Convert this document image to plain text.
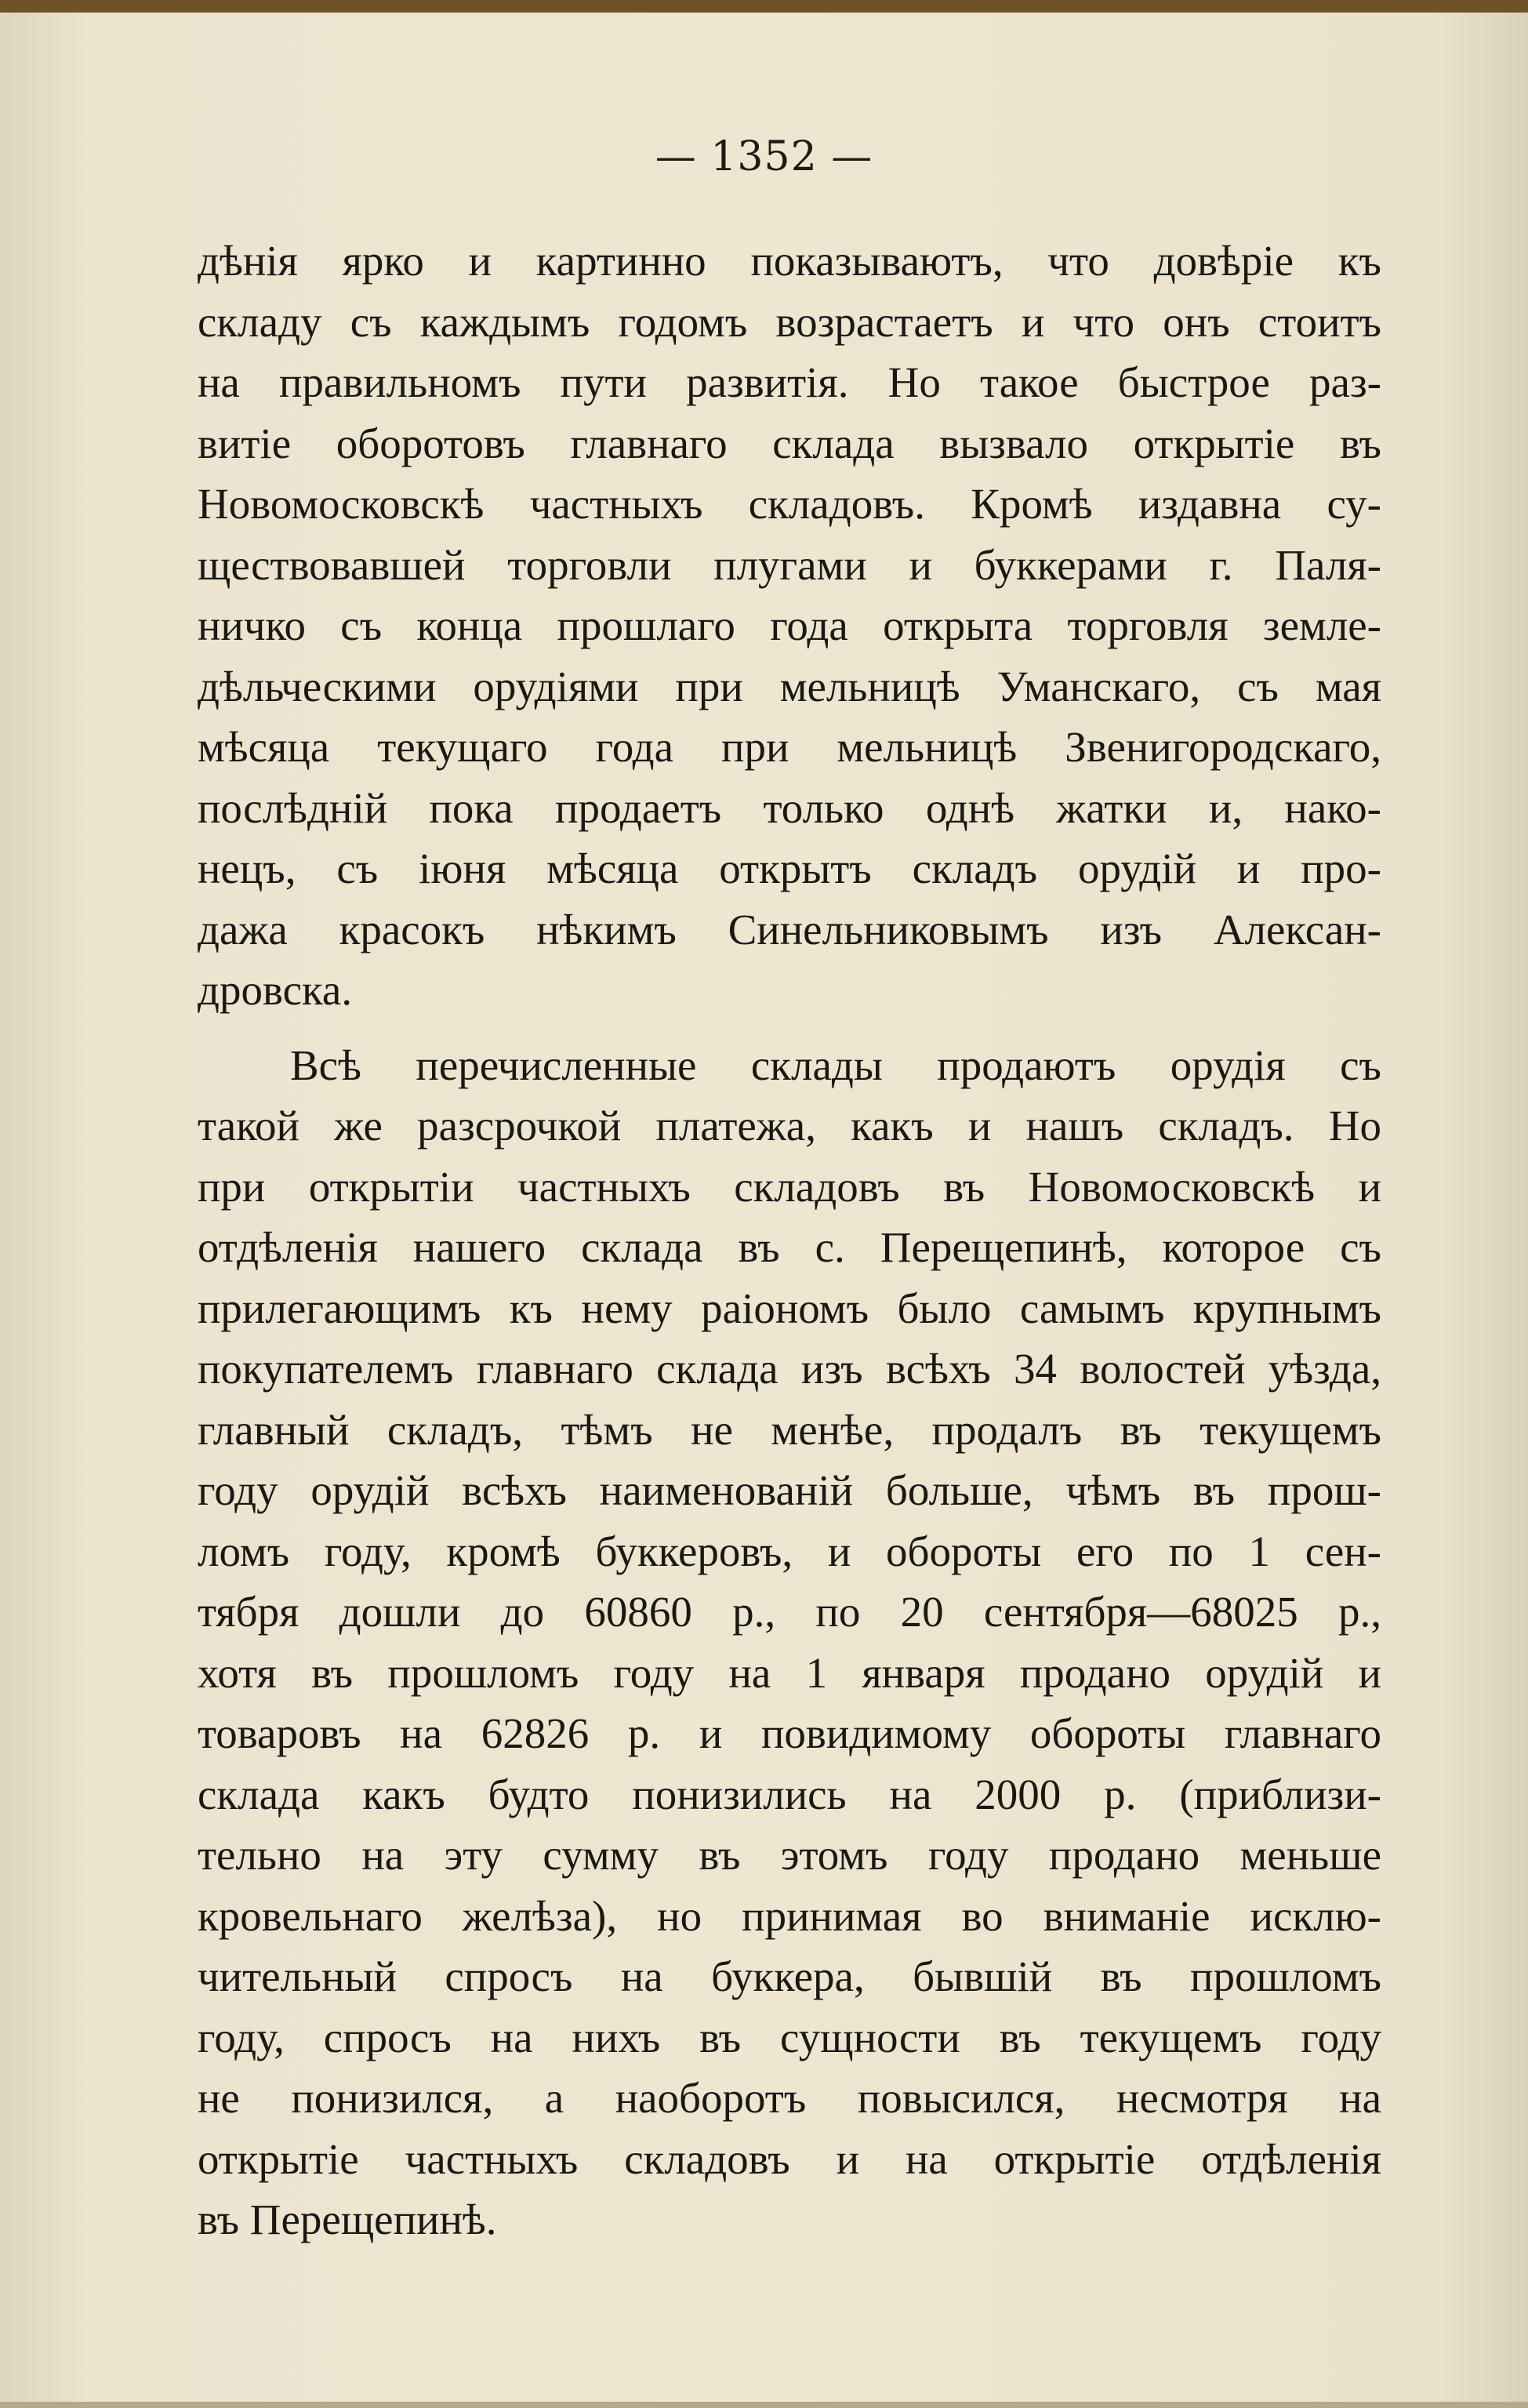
— 1352 —
дѣнія ярко и картинно показываютъ, что довѣріе къ
складу съ каждымъ годомъ возрастаетъ и что онъ стоитъ
на правильномъ пути развитія. Но такое быстрое раз-
витіе оборотовъ главнаго склада вызвало открытіе въ
Новомосковскѣ частныхъ складовъ. Кромѣ издавна су-
ществовавшей торговли плугами и буккерами г. Паля-
ничко съ конца прошлаго года открыта торговля земле-
дѣльческими орудіями при мельницѣ Уманскаго, съ мая
мѣсяца текущаго года при мельницѣ Звенигородскаго,
послѣдній пока продаетъ только однѣ жатки и, нако-
нецъ, съ іюня мѣсяца открытъ складъ орудій и про-
дажа красокъ нѣкимъ Синельниковымъ изъ Алексан-
дровска.
Всѣ перечисленные склады продаютъ орудія съ
такой же разсрочкой платежа, какъ и нашъ складъ. Но
при открытіи частныхъ складовъ въ Новомосковскѣ и
отдѣленія нашего склада въ с. Перещепинѣ, которое съ
прилегающимъ къ нему раіономъ было самымъ крупнымъ
покупателемъ главнаго склада изъ всѣхъ 34 волостей уѣзда,
главный складъ, тѣмъ не менѣе, продалъ въ текущемъ
году орудій всѣхъ наименованій больше, чѣмъ въ прош-
ломъ году, кромѣ буккеровъ, и обороты его по 1 сен-
тября дошли до 60860 р., по 20 сентября—68025 р.,
хотя въ прошломъ году на 1 января продано орудій и
товаровъ на 62826 р. и повидимому обороты главнаго
склада какъ будто понизились на 2000 р. (приблизи-
тельно на эту сумму въ этомъ году продано меньше
кровельнаго желѣза), но принимая во вниманіе исклю-
чительный спросъ на буккера, бывшій въ прошломъ
году, спросъ на нихъ въ сущности въ текущемъ году
не понизился, а наоборотъ повысился, несмотря на
открытіе частныхъ складовъ и на открытіе отдѣленія
въ Перещепинѣ.
